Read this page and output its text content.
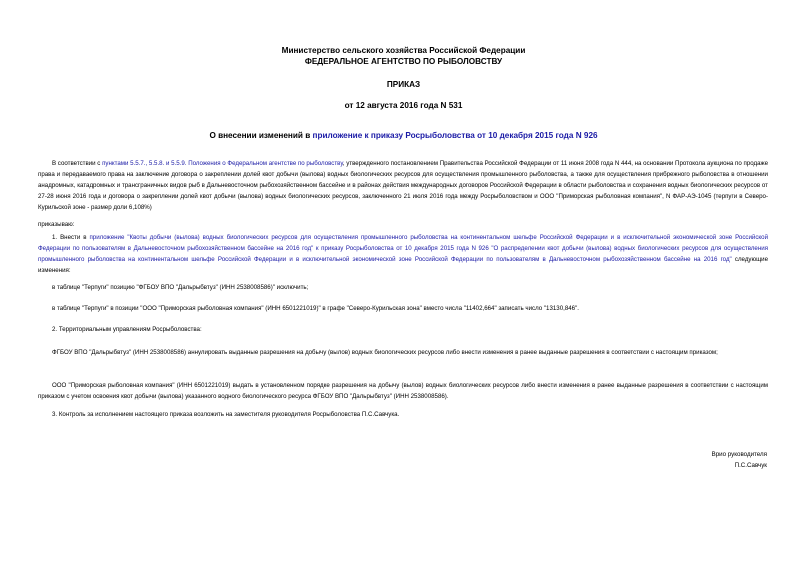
Министерство сельского хозяйства Российской Федерации
ФЕДЕРАЛЬНОЕ АГЕНТСТВО ПО РЫБОЛОВСТВУ
ПРИКАЗ
от 12 августа 2016 года N 531
О внесении изменений в приложение к приказу Росрыболовства от 10 декабря 2015 года N 926
В соответствии с пунктами 5.5.7., 5.5.8. и 5.5.9. Положения о Федеральном агентстве по рыболовству, утвержденного постановлением Правительства Российской Федерации от 11 июня 2008 года N 444, на основании Протокола аукциона по продаже права и передаваемого права на заключение договора о закреплении долей квот добычи (вылова) водных биологических ресурсов для осуществления промышленного рыболовства, а также для осуществления прибрежного рыболовства в отношении анадромных, катадромных и трансграничных видов рыб в Дальневосточном рыбохозяйственном бассейне и в районах действия международных договоров Российской Федерации в области рыболовства и сохранения водных биологических ресурсов от 27-28 июня 2016 года и договора о закреплении долей квот добычи (вылова) водных биологических ресурсов, заключенного 21 июля 2016 года между Росрыболовством и ООО "Приморская рыболовная компания", N ФАР-АЭ-1045 (терпуги в Северо-Курильской зоне - размер доли 6,108%)
приказываю:
1. Внести в приложение "Квоты добычи (вылова) водных биологических ресурсов для осуществления промышленного рыболовства на континентальном шельфе Российской Федерации и в исключительной экономической зоне Российской Федерации по пользователям в Дальневосточном рыбохозяйственном бассейне на 2016 год" к приказу Росрыболовства от 10 декабря 2015 года N 926 "О распределении квот добычи (вылова) водных биологических ресурсов для осуществления промышленного рыболовства на континентальном шельфе Российской Федерации и в исключительной экономической зоне Российской Федерации по пользователям в Дальневосточном рыбохозяйственном бассейне на 2016 год" следующие изменения:
в таблице "Терпуги" позицию "ФГБОУ ВПО "Дальрыбвтуз" (ИНН 2538008586)" исключить;
в таблице "Терпуги" в позиции "ООО "Приморская рыболовная компания" (ИНН 6501221019)" в графе "Северо-Курильская зона" вместо числа "11402,664" записать число "13130,846".
2. Территориальным управлениям Росрыболовства:
ФГБОУ ВПО "Дальрыбвтуз" (ИНН 2538008586) аннулировать выданные разрешения на добычу (вылов) водных биологических ресурсов либо внести изменения в ранее выданные разрешения в соответствии с настоящим приказом;
ООО "Приморская рыболовная компания" (ИНН 6501221019) выдать в установленном порядке разрешения на добычу (вылов) водных биологических ресурсов либо внести изменения в ранее выданные разрешения в соответствии с настоящим приказом с учетом освоения квот добычи (вылова) указанного водного биологического ресурса ФГБОУ ВПО "Дальрыбвтуз" (ИНН 2538008586).
3. Контроль за исполнением настоящего приказа возложить на заместителя руководителя Росрыболовства П.С.Савчука.
Врио руководителя
П.С.Савчук
